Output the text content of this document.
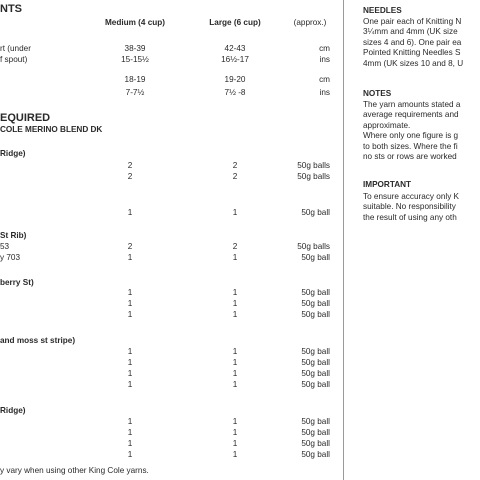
NTS
Medium (4 cup)	Large (6 cup)	(approx.)
rt (under	38-39	42-43	cm
f spout)	15-15½	16½-17	ins
18-19	19-20	cm
7-7½	7½ -8	ins
EQUIRED
COLE MERINO BLEND DK
Ridge)
2	2	50g balls
2	2	50g balls
1	1	50g ball
St Rib)
53	2	2	50g balls
y 703	1	1	50g ball
berry St)
1	1	50g ball
1	1	50g ball
1	1	50g ball
and moss st stripe)
1	1	50g ball
1	1	50g ball
1	1	50g ball
1	1	50g ball
Ridge)
1	1	50g ball
1	1	50g ball
1	1	50g ball
1	1	50g ball
y vary when using other King Cole yarns.
NEEDLES
One pair each of Knitting N
3¼mm and 4mm (UK size
sizes 4 and 6). One pair ea
Pointed Knitting Needles S
4mm (UK sizes 10 and 8, U
NOTES
The yarn amounts stated a
average requirements and
approximate.
Where only one figure is g
to both sizes. Where the fi
no sts or rows are worked
IMPORTANT
To ensure accuracy only K
suitable. No responsibility
the result of using any oth
